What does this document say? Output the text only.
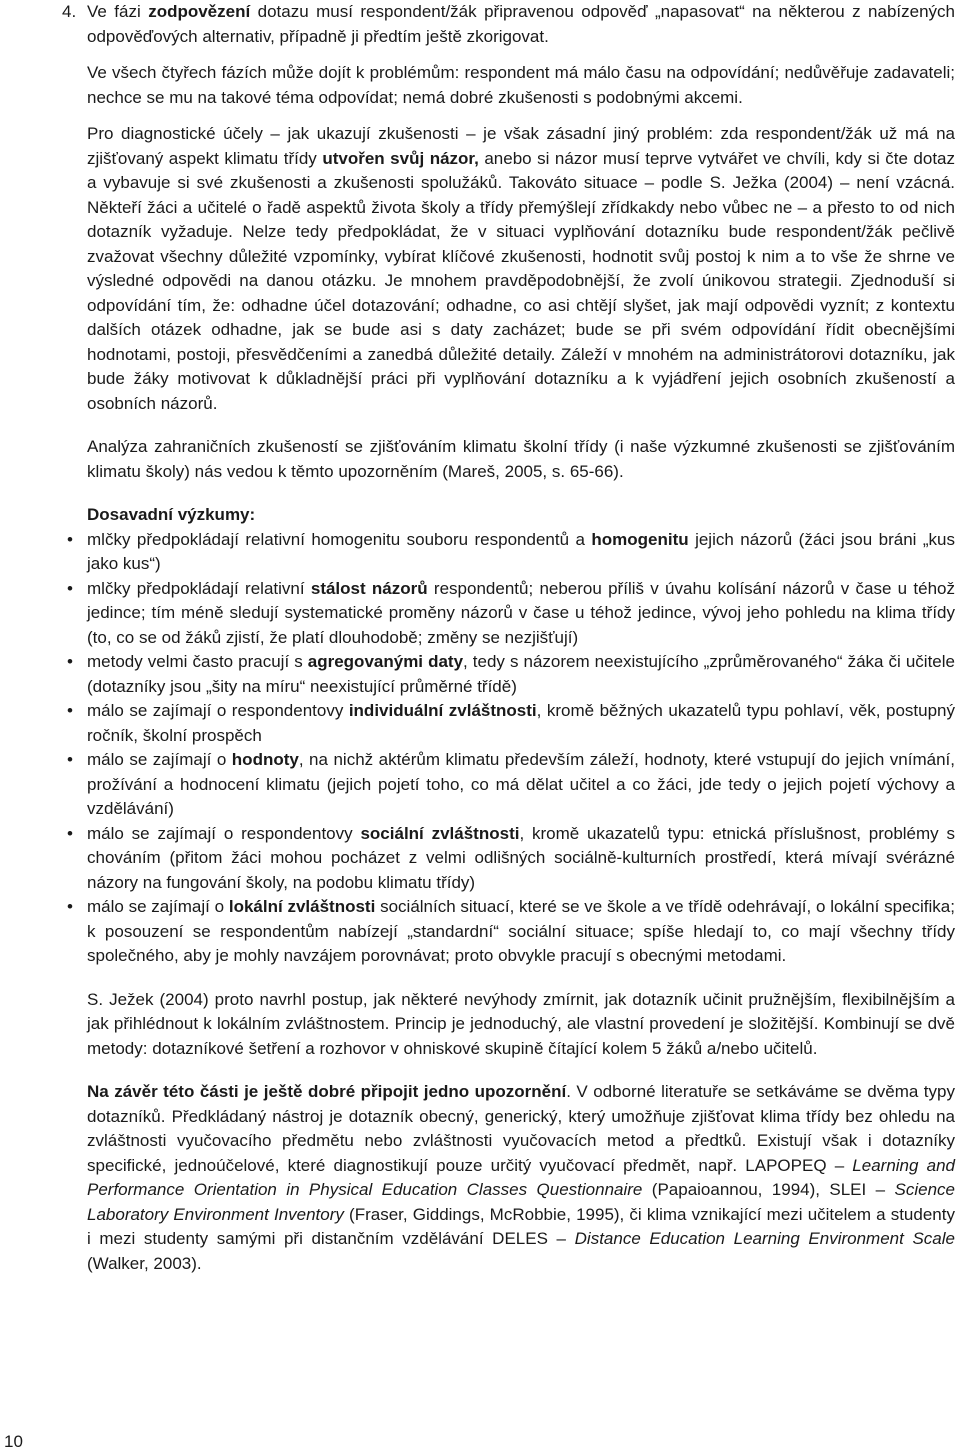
4. Ve fázi zodpovězení dotazu musí respondent/žák připravenou odpověď „napasovat“ na některou z nabízených odpověďových alternativ, případně ji předtím ještě zkorigovat.

Ve všech čtyřech fázích může dojít k problémům: respondent má málo času na odpovídání; nedůvěřuje zadavateli; nechce se mu na takové téma odpovídat; nemá dobré zkušenosti s podobnými akcemi.

Pro diagnostické účely – jak ukazují zkušenosti – je však zásadní jiný problém: zda respondent/žák už má na zjišťovaný aspekt klimatu třídy utvořen svůj názor, anebo si názor musí teprve vytvářet ve chvíli, kdy si čte dotaz a vybavuje si své zkušenosti a zkušenosti spolužáků. Takováto situace – podle S. Ježka (2004) – není vzácná. Někteří žáci a učitelé o řadě aspektů života školy a třídy přemýšlejí zřídkakdy nebo vůbec ne – a přesto to od nich dotazník vyžaduje. Nelze tedy předpokládat, že v situaci vyplňování dotazníku bude respondent/žák pečlivě zvažovat všechny důležité vzpomínky, vybírat klíčové zkušenosti, hodnotit svůj postoj k nim a to vše že shrne ve výsledné odpovědi na danou otázku. Je mnohem pravděpodobnější, že zvolí únikovou strategii. Zjednoduší si odpovídání tím, že: odhadne účel dotazování; odhadne, co asi chtějí slyšet, jak mají odpovědi vyznít; z kontextu dalších otázek odhadne, jak se bude asi s daty zacházet; bude se při svém odpovídání řídit obecnějšími hodnotami, postoji, přesvědčeními a zanedbá důležité detaily. Záleží v mnohém na administrátorovi dotazníku, jak bude žáky motivovat k důkladnější práci při vyplňování dotazníku a k vyjádření jejich osobních zkušeností a osobních názorů.

Analýza zahraničních zkušeností se zjišťováním klimatu školní třídy (i naše výzkumné zkušenosti se zjišťováním klimatu školy) nás vedou k těmto upozorněním (Mareš, 2005, s. 65-66).

Dosavadní výzkumy:
• mlčky předpokládají relativní homogenitu souboru respondentů a homogenitu jejich názorů (žáci jsou bráni „kus jako kus“)
• mlčky předpokládají relativní stálost názorů respondentů; neberou příliš v úvahu kolísání názorů v čase u téhož jedince; tím méně sledují systematické proměny názorů v čase u téhož jedince, vývoj jeho pohledu na klima třídy (to, co se od žáků zjistí, že platí dlouhodobě; změny se nezjišťují)
• metody velmi často pracují s agregovanými daty, tedy s názorem neexistujícího „zprůměrovaného“ žáka či učitele (dotazníky jsou „šity na míru“ neexistující průměrné třídě)
• málo se zajímají o respondentovy individuální zvláštnosti, kromě běžných ukazatelů typu pohlaví, věk, postupný ročník, školní prospěch
• málo se zajímají o hodnoty, na nichž aktérům klimatu především záleží, hodnoty, které vstupují do jejich vnímání, prožívání a hodnocení klimatu (jejich pojetí toho, co má dělat učitel a co žáci, jde tedy o jejich pojetí výchovy a vzdělávání)
• málo se zajímají o respondentovy sociální zvláštnosti, kromě ukazatelů typu: etnická příslušnost, problémy s chováním (přitom žáci mohou pocházet z velmi odlišných sociálně-kulturních prostředí, která mívají svérázné názory na fungování školy, na podobu klimatu třídy)
• málo se zajímají o lokální zvláštnosti sociálních situací, které se ve škole a ve třídě odehrávají, o lokální specifika; k posouzení se respondentům nabízejí „standardní“ sociální situace; spíše hledají to, co mají všechny třídy společného, aby je mohly navzájem porovnávat; proto obvykle pracují s obecnými metodami.

S. Ježek (2004) proto navrhl postup, jak některé nevýhody zmírnit, jak dotazník učinit pružnějším, flexibilnějším a jak přihlédnout k lokálním zvláštnostem. Princip je jednoduchý, ale vlastní provedení je složitější. Kombinují se dvě metody: dotazníkové šetření a rozhovor v ohniskové skupině čítající kolem 5 žáků a/nebo učitelů.

Na závěr této části je ještě dobré připojit jedno upozornění. V odborné literatuře se setkáváme se dvěma typy dotazníků. Předkládaný nástroj je dotazník obecný, generický, který umožňuje zjišťovat klima třídy bez ohledu na zvláštnosti vyučovacího předmětu nebo zvláštnosti vyučovacích metod a předtků. Existují však i dotazníky specifické, jednoúčelové, které diagnostikují pouze určitý vyučovací předmět, např. LAPOPEQ – Learning and Performance Orientation in Physical Education Classes Questionnaire (Papaioannou, 1994), SLEI – Science Laboratory Environment Inventory (Fraser, Giddings, McRobbie, 1995), či klima vznikající mezi učitelem a studenty i mezi studenty samými při distančním vzdělávání DELES – Distance Education Learning Environment Scale (Walker, 2003).

10
